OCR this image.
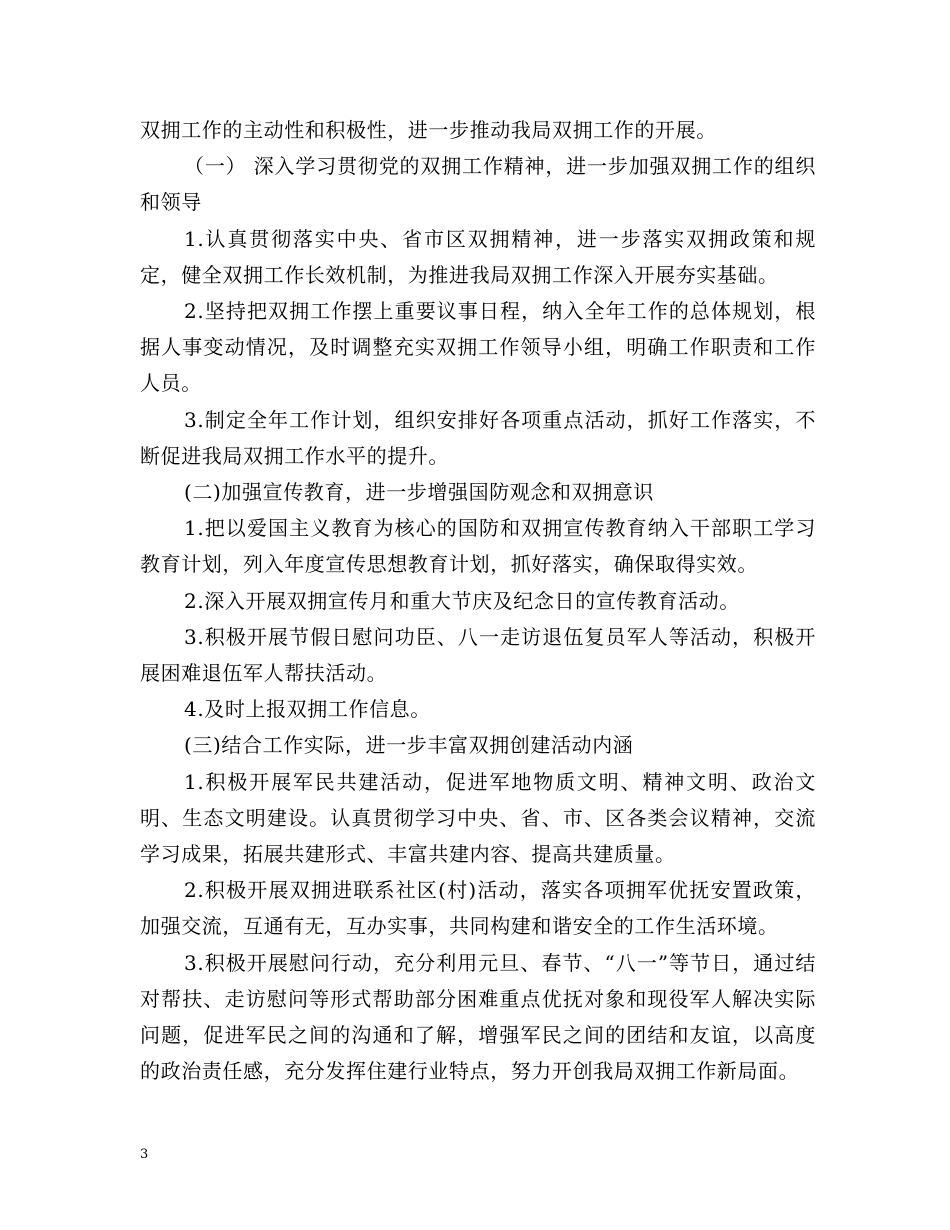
双拥工作的主动性和积极性，进一步推动我局双拥工作的开展。

（一） 深入学习贯彻党的双拥工作精神，进一步加强双拥工作的组织和领导

1.认真贯彻落实中央、省市区双拥精神，进一步落实双拥政策和规定，健全双拥工作长效机制，为推进我局双拥工作深入开展夯实基础。

2.坚持把双拥工作摆上重要议事日程，纳入全年工作的总体规划，根据人事变动情况，及时调整充实双拥工作领导小组，明确工作职责和工作人员。

3.制定全年工作计划，组织安排好各项重点活动，抓好工作落实，不断促进我局双拥工作水平的提升。

(二)加强宣传教育，进一步增强国防观念和双拥意识

1.把以爱国主义教育为核心的国防和双拥宣传教育纳入干部职工学习教育计划，列入年度宣传思想教育计划，抓好落实，确保取得实效。

2.深入开展双拥宣传月和重大节庆及纪念日的宣传教育活动。

3.积极开展节假日慰问功臣、八一走访退伍复员军人等活动，积极开展困难退伍军人帮扶活动。

4.及时上报双拥工作信息。

(三)结合工作实际，进一步丰富双拥创建活动内涵

1.积极开展军民共建活动，促进军地物质文明、精神文明、政治文明、生态文明建设。认真贯彻学习中央、省、市、区各类会议精神，交流学习成果，拓展共建形式、丰富共建内容、提高共建质量。

2.积极开展双拥进联系社区(村)活动，落实各项拥军优抚安置政策，加强交流，互通有无，互办实事，共同构建和谐安全的工作生活环境。

3.积极开展慰问行动，充分利用元旦、春节、“八一”等节日，通过结对帮扶、走访慰问等形式帮助部分困难重点优抚对象和现役军人解决实际问题，促进军民之间的沟通和了解，增强军民之间的团结和友谊，以高度的政治责任感，充分发挥住建行业特点，努力开创我局双拥工作新局面。

3
